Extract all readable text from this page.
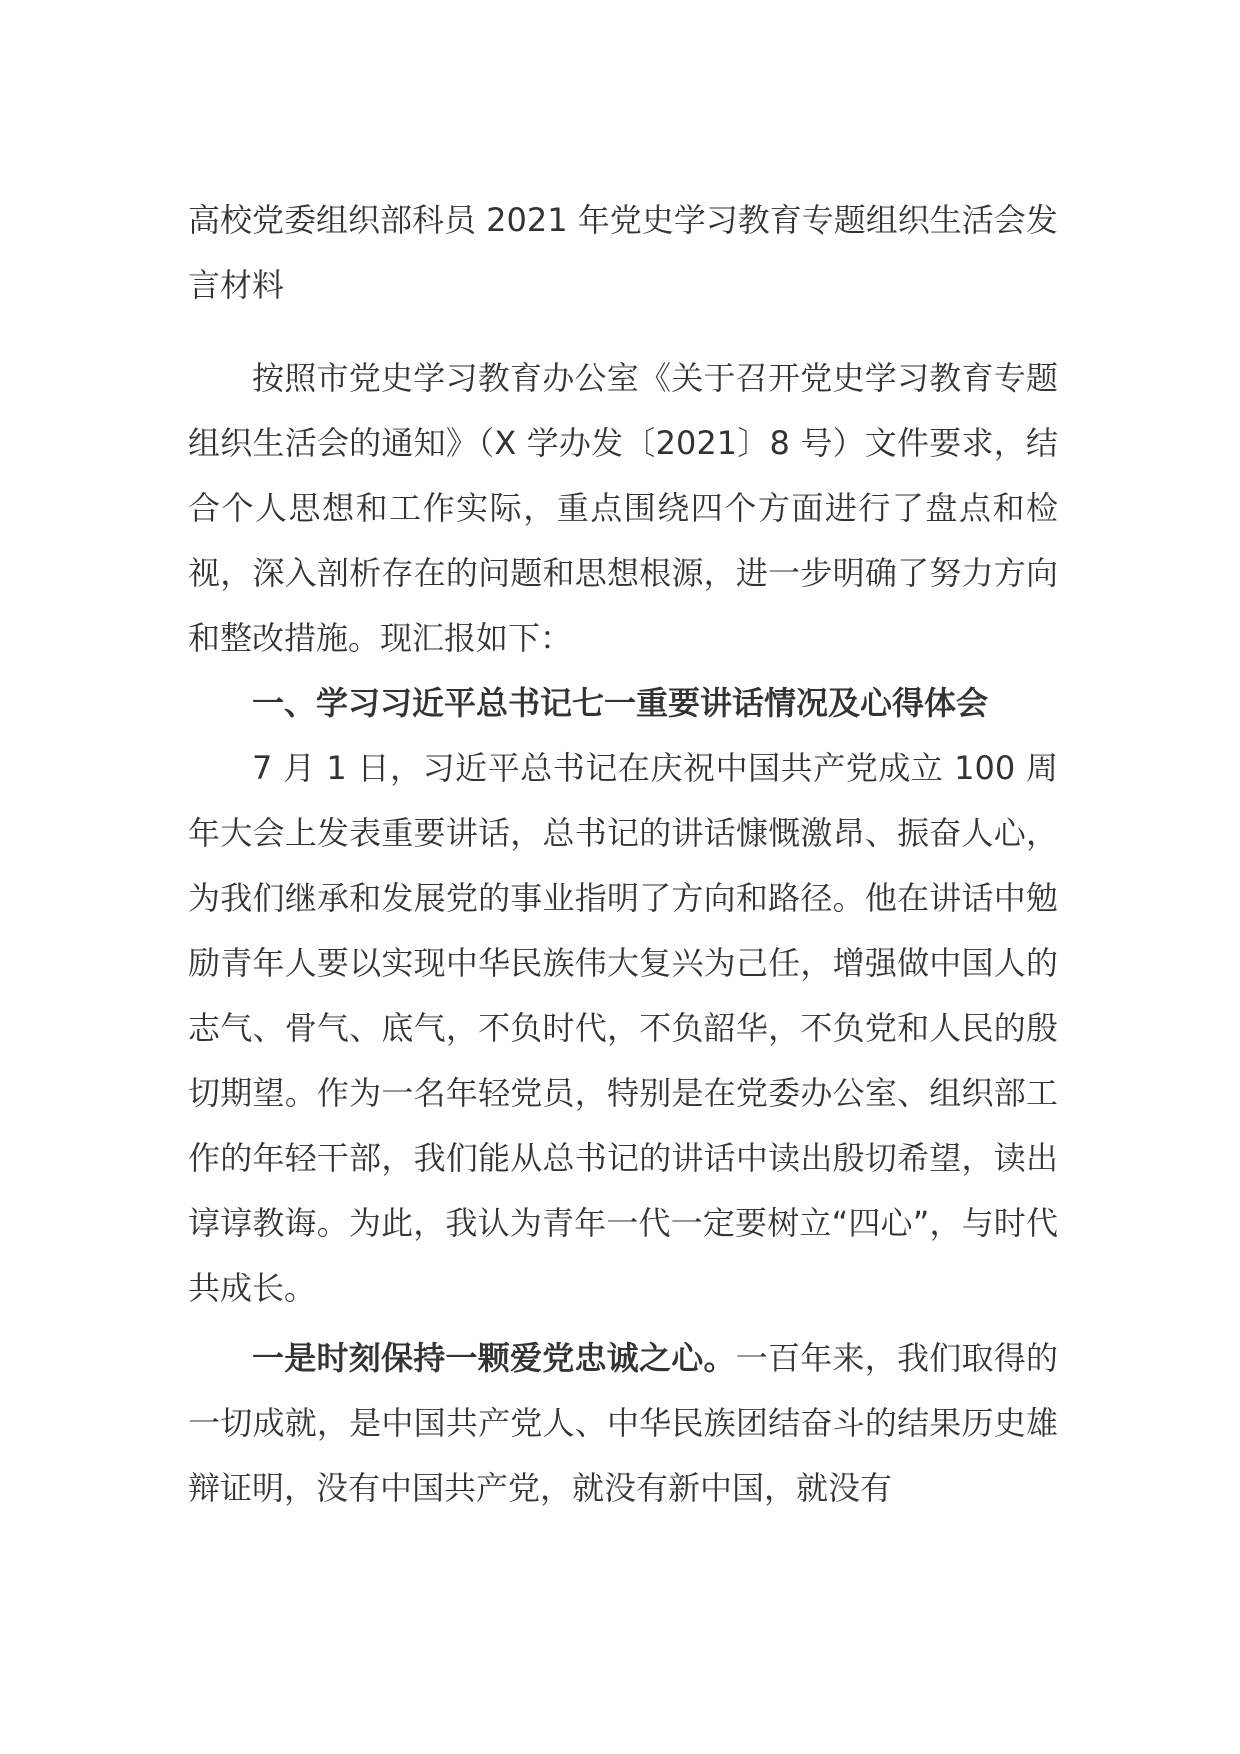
高校党委组织部科员 2021 年党史学习教育专题组织生活会发言材料

按照市党史学习教育办公室《关于召开党史学习教育专题组织生活会的通知》（X 学办发〔2021〕8 号）文件要求，结合个人思想和工作实际，重点围绕四个方面进行了盘点和检视，深入剖析存在的问题和思想根源，进一步明确了努力方向和整改措施。现汇报如下：

一、学习习近平总书记七一重要讲话情况及心得体会

7 月 1 日，习近平总书记在庆祝中国共产党成立 100 周年大会上发表重要讲话，总书记的讲话慷慨激昂、振奋人心，为我们继承和发展党的事业指明了方向和路径。他在讲话中勉励青年人要以实现中华民族伟大复兴为己任，增强做中国人的志气、骨气、底气，不负时代，不负韶华，不负党和人民的殷切期望。作为一名年轻党员，特别是在党委办公室、组织部工作的年轻干部，我们能从总书记的讲话中读出殷切希望，读出谆谆教诲。为此，我认为青年一代一定要树立“四心”，与时代共成长。

一是时刻保持一颗爱党忠诚之心。一百年来，我们取得的一切成就，是中国共产党人、中华民族团结奋斗的结果历史雄辩证明，没有中国共产党，就没有新中国，就没有
